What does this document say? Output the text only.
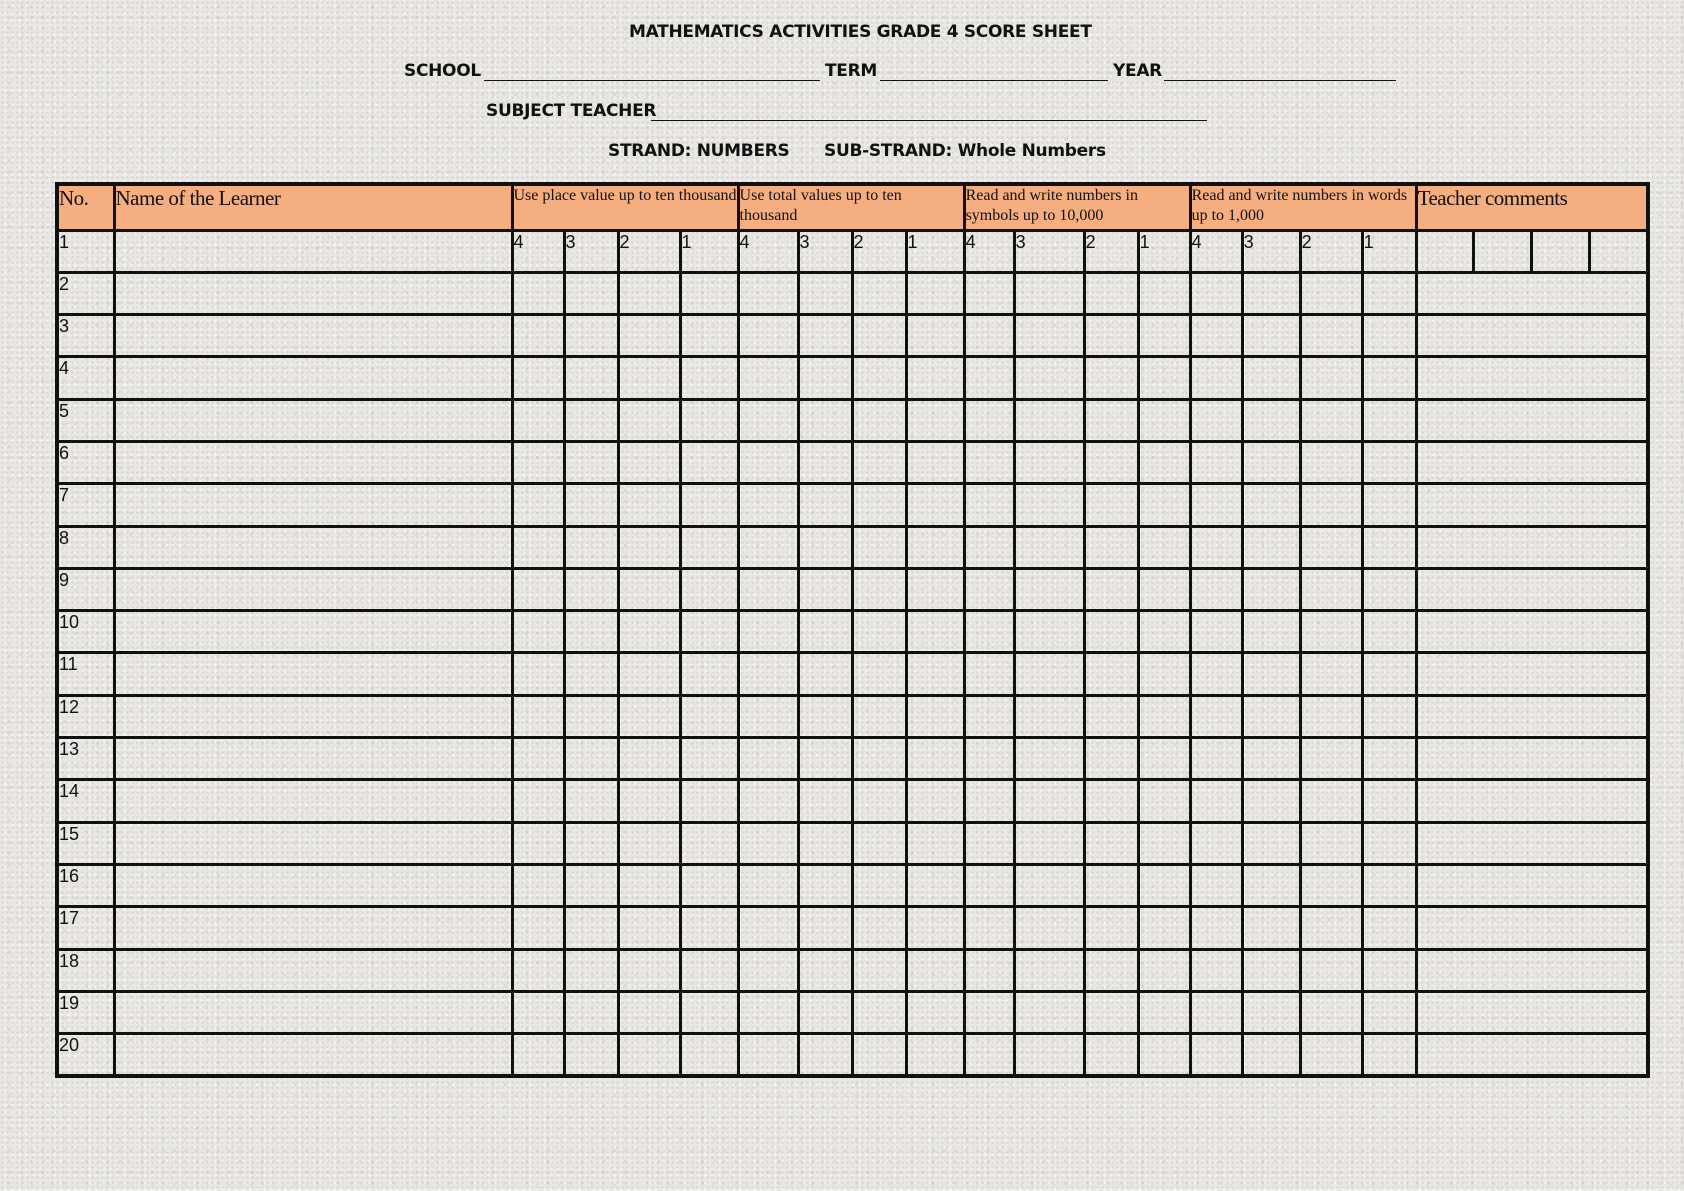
MATHEMATICS ACTIVITIES GRADE 4 SCORE SHEET
SCHOOL	TERM	YEAR
SUBJECT TEACHER
STRAND: NUMBERS SUB-STRAND: Whole Numbers
No.	Name of the Learner	Use place value up to ten thousand				Use total values up to ten thousand				Read and write numbers in symbols up to 10,000				Read and write numbers in words up to 1,000				Teacher comments
1		4	3	2	1	4	3	2	1	4	3	2	1	4	3	2	1	

2																		
3																		
4																		
5																		
6																		
7																		
8																		
9																		
10																		
11																		
12																		
13																		
14																		
15																		
16																		
17																		
18																		
19																		
20																		
